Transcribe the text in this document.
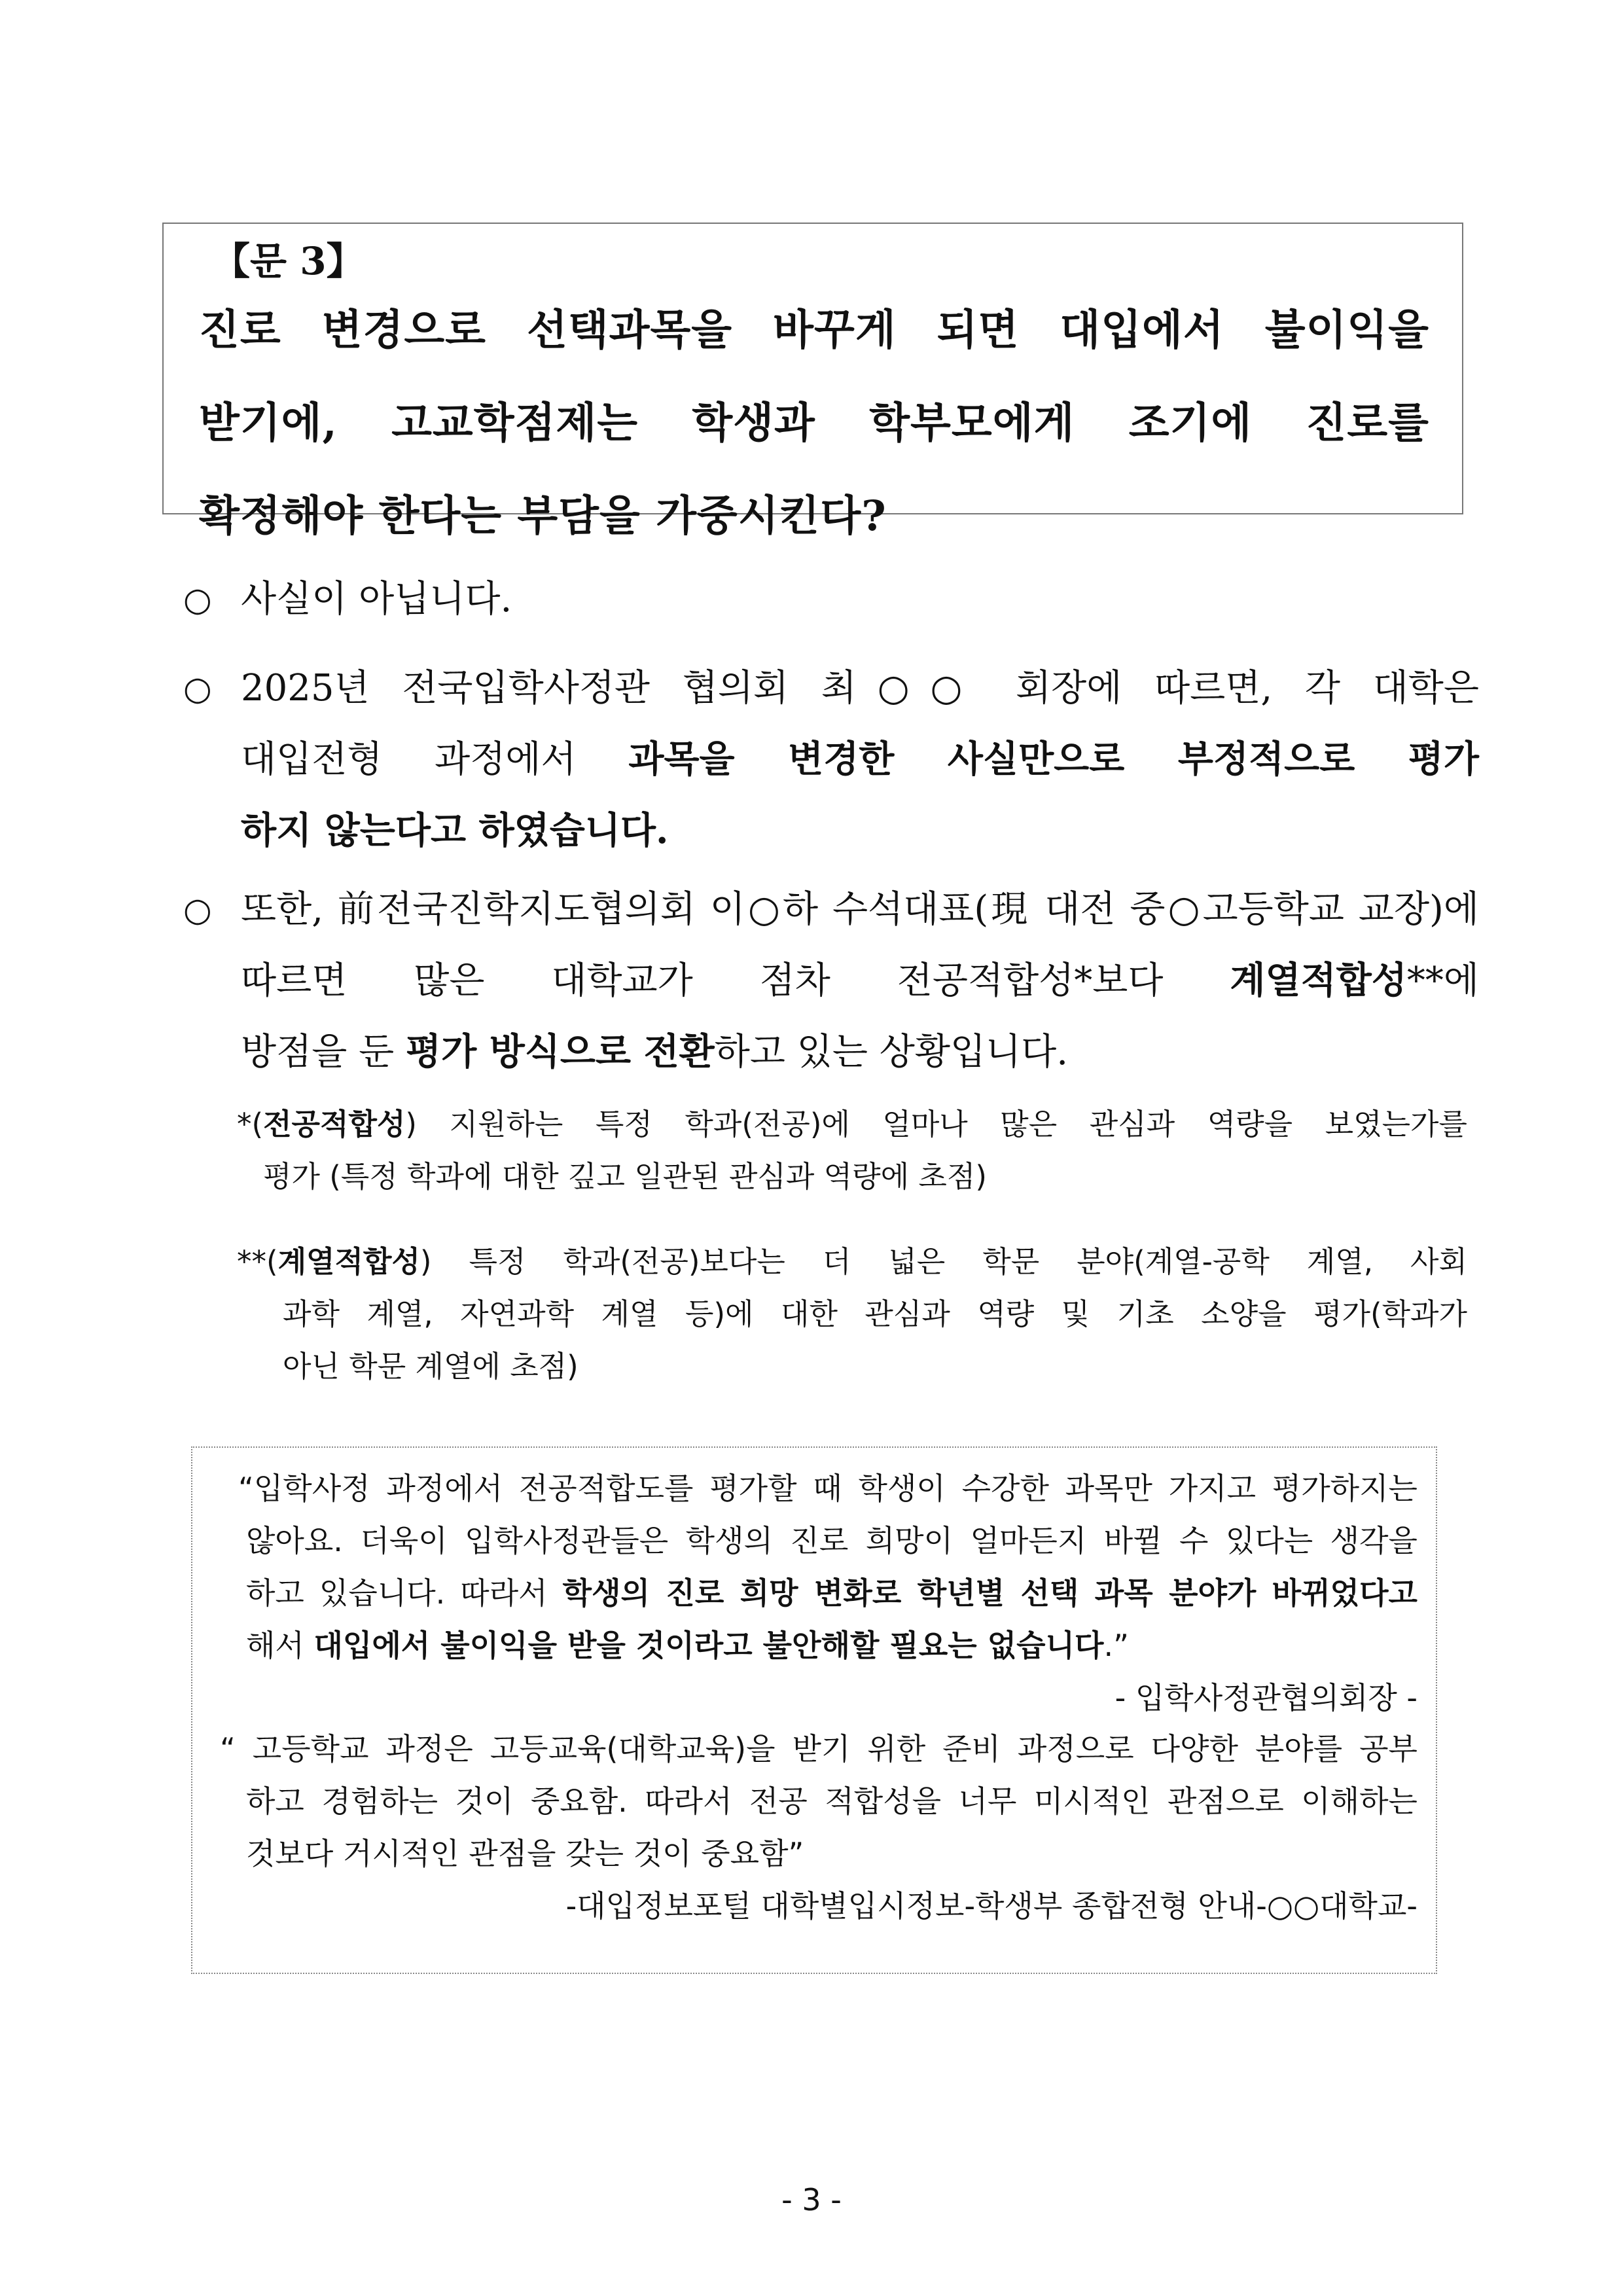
【문 3】
진로 변경으로 선택과목을 바꾸게 되면 대입에서 불이익을
받기에, 고교학점제는 학생과 학부모에게 조기에 진로를
확정해야 한다는 부담을 가중시킨다?
○ 사실이 아닙니다.
○ 2025년 전국입학사정관 협의회 최○○ 회장에 따르면, 각 대학은
대입전형 과정에서 과목을 변경한 사실만으로 부정적으로 평가
하지 않는다고 하였습니다.
○ 또한, 前전국진학지도협의회 이○하 수석대표(現 대전 중○고등학교 교장)에
따르면 많은 대학교가 점차 전공적합성*보다 계열적합성**에
방점을 둔 평가 방식으로 전환하고 있는 상황입니다.
*(전공적합성) 지원하는 특정 학과(전공)에 얼마나 많은 관심과 역량을 보였는가를
평가 (특정 학과에 대한 깊고 일관된 관심과 역량에 초점)
**(계열적합성) 특정 학과(전공)보다는 더 넓은 학문 분야(계열-공학 계열, 사회
과학 계열, 자연과학 계열 등)에 대한 관심과 역량 및 기초 소양을 평가(학과가
아닌 학문 계열에 초점)
“입학사정 과정에서 전공적합도를 평가할 때 학생이 수강한 과목만 가지고 평가하지는
않아요. 더욱이 입학사정관들은 학생의 진로 희망이 얼마든지 바뀔 수 있다는 생각을
하고 있습니다. 따라서 학생의 진로 희망 변화로 학년별 선택 과목 분야가 바뀌었다고
해서 대입에서 불이익을 받을 것이라고 불안해할 필요는 없습니다.”
- 입학사정관협의회장 -
“ 고등학교 과정은 고등교육(대학교육)을 받기 위한 준비 과정으로 다양한 분야를 공부
하고 경험하는 것이 중요함. 따라서 전공 적합성을 너무 미시적인 관점으로 이해하는
것보다 거시적인 관점을 갖는 것이 중요함”
-대입정보포털 대학별입시정보-학생부 종합전형 안내-○○대학교-
- 3 -
